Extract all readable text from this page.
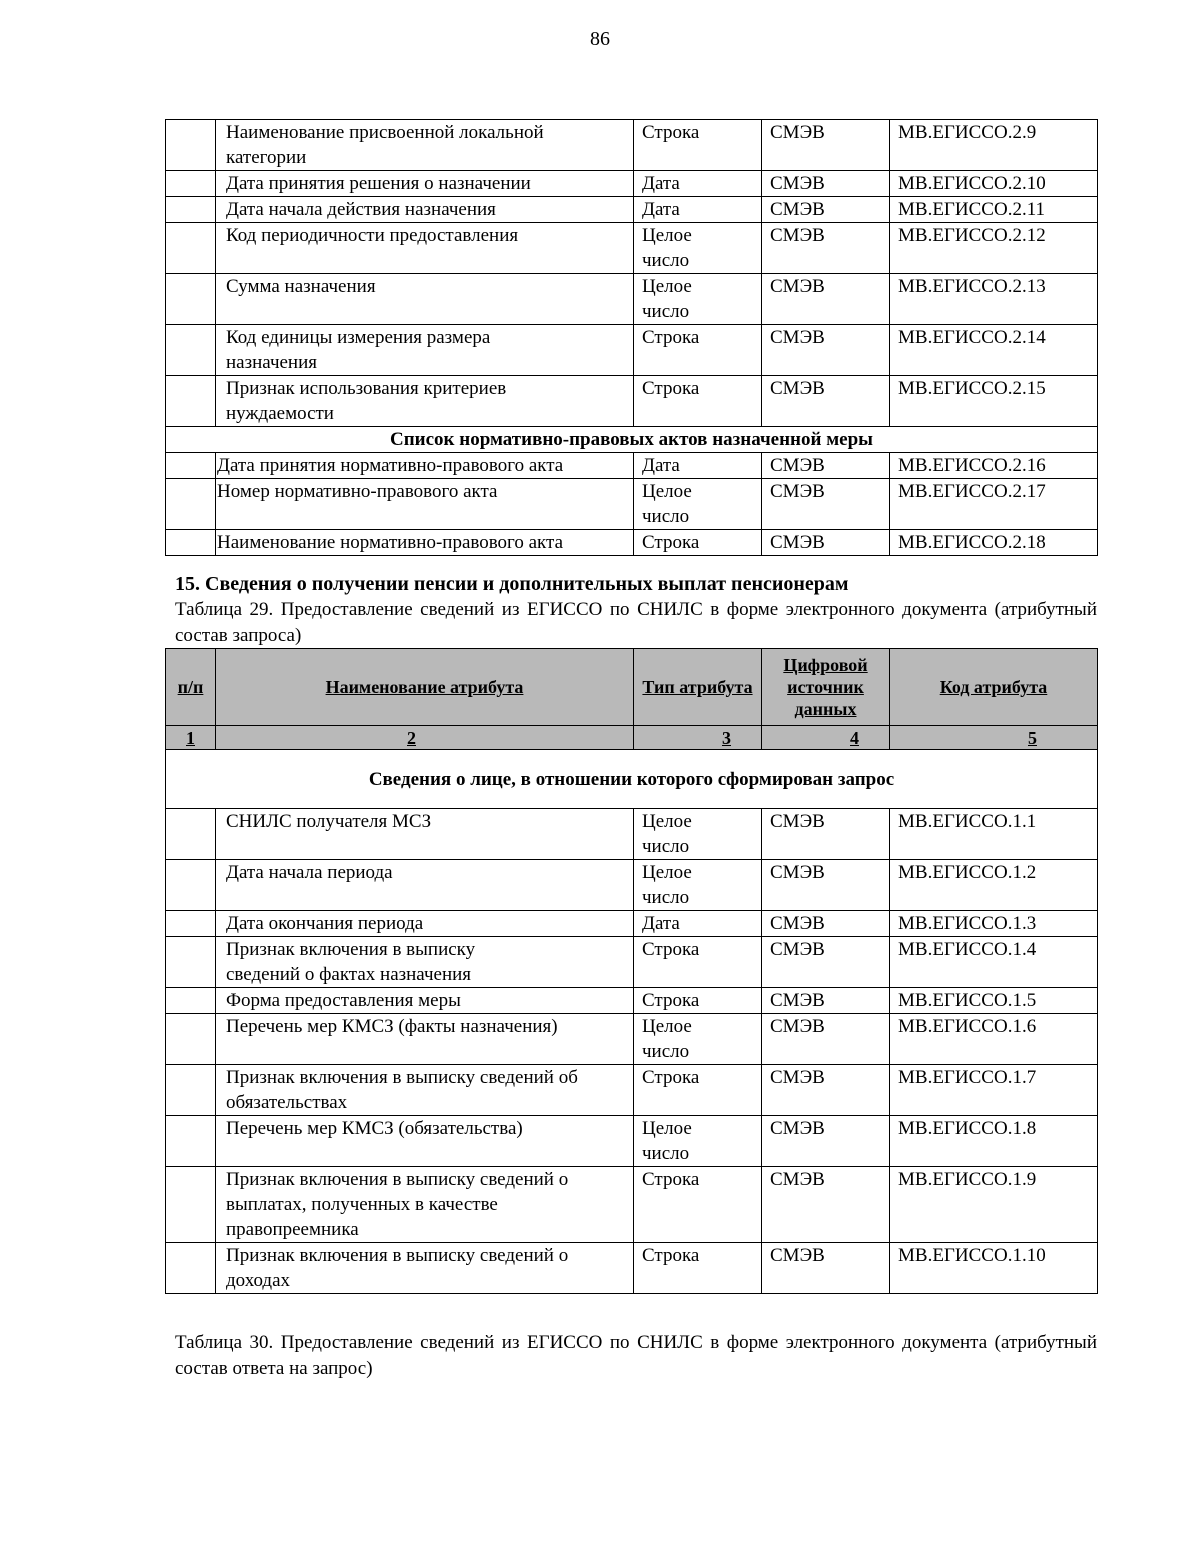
86
	Наименование присвоенной локальной категории	Строка	СМЭВ	МВ.ЕГИССО.2.9
	Дата принятия решения о назначении	Дата	СМЭВ	МВ.ЕГИССО.2.10
	Дата начала действия назначения	Дата	СМЭВ	МВ.ЕГИССО.2.11
	Код периодичности предоставления	Целое число	СМЭВ	МВ.ЕГИССО.2.12
	Сумма назначения	Целое число	СМЭВ	МВ.ЕГИССО.2.13
	Код единицы измерения размера назначения	Строка	СМЭВ	МВ.ЕГИССО.2.14
	Признак использования критериев нуждаемости	Строка	СМЭВ	МВ.ЕГИССО.2.15
Список нормативно-правовых актов назначенной меры				
	Дата принятия нормативно-правового акта	Дата	СМЭВ	МВ.ЕГИССО.2.16
	Номер нормативно-правового акта	Целое число	СМЭВ	МВ.ЕГИССО.2.17
	Наименование нормативно-правового акта	Строка	СМЭВ	МВ.ЕГИССО.2.18
15. Сведения о получении пенсии и дополнительных выплат пенсионерам
Таблица 29. Предоставление сведений из ЕГИССО по СНИЛС в форме электронного документа (атрибутный состав запроса)
п/п	Наименование атрибута	Тип атрибута	Цифровой источник данных	Код атрибута
1	2	3	4	5
Сведения о лице, в отношении которого сформирован запрос				
	СНИЛС получателя МСЗ	Целое число	СМЭВ	МВ.ЕГИССО.1.1
	Дата начала периода	Целое число	СМЭВ	МВ.ЕГИССО.1.2
	Дата окончания периода	Дата	СМЭВ	МВ.ЕГИССО.1.3
	Признак включения в выписку сведений о фактах назначения	Строка	СМЭВ	МВ.ЕГИССО.1.4
	Форма предоставления меры	Строка	СМЭВ	МВ.ЕГИССО.1.5
	Перечень мер КМСЗ (факты назначения)	Целое число	СМЭВ	МВ.ЕГИССО.1.6
	Признак включения в выписку сведений об обязательствах	Строка	СМЭВ	МВ.ЕГИССО.1.7
	Перечень мер КМСЗ (обязательства)	Целое число	СМЭВ	МВ.ЕГИССО.1.8
	Признак включения в выписку сведений о выплатах, полученных в качестве правопреемника	Строка	СМЭВ	МВ.ЕГИССО.1.9
	Признак включения в выписку сведений о доходах	Строка	СМЭВ	МВ.ЕГИССО.1.10
Таблица 30. Предоставление сведений из ЕГИССО по СНИЛС в форме электронного документа (атрибутный состав ответа на запрос)
